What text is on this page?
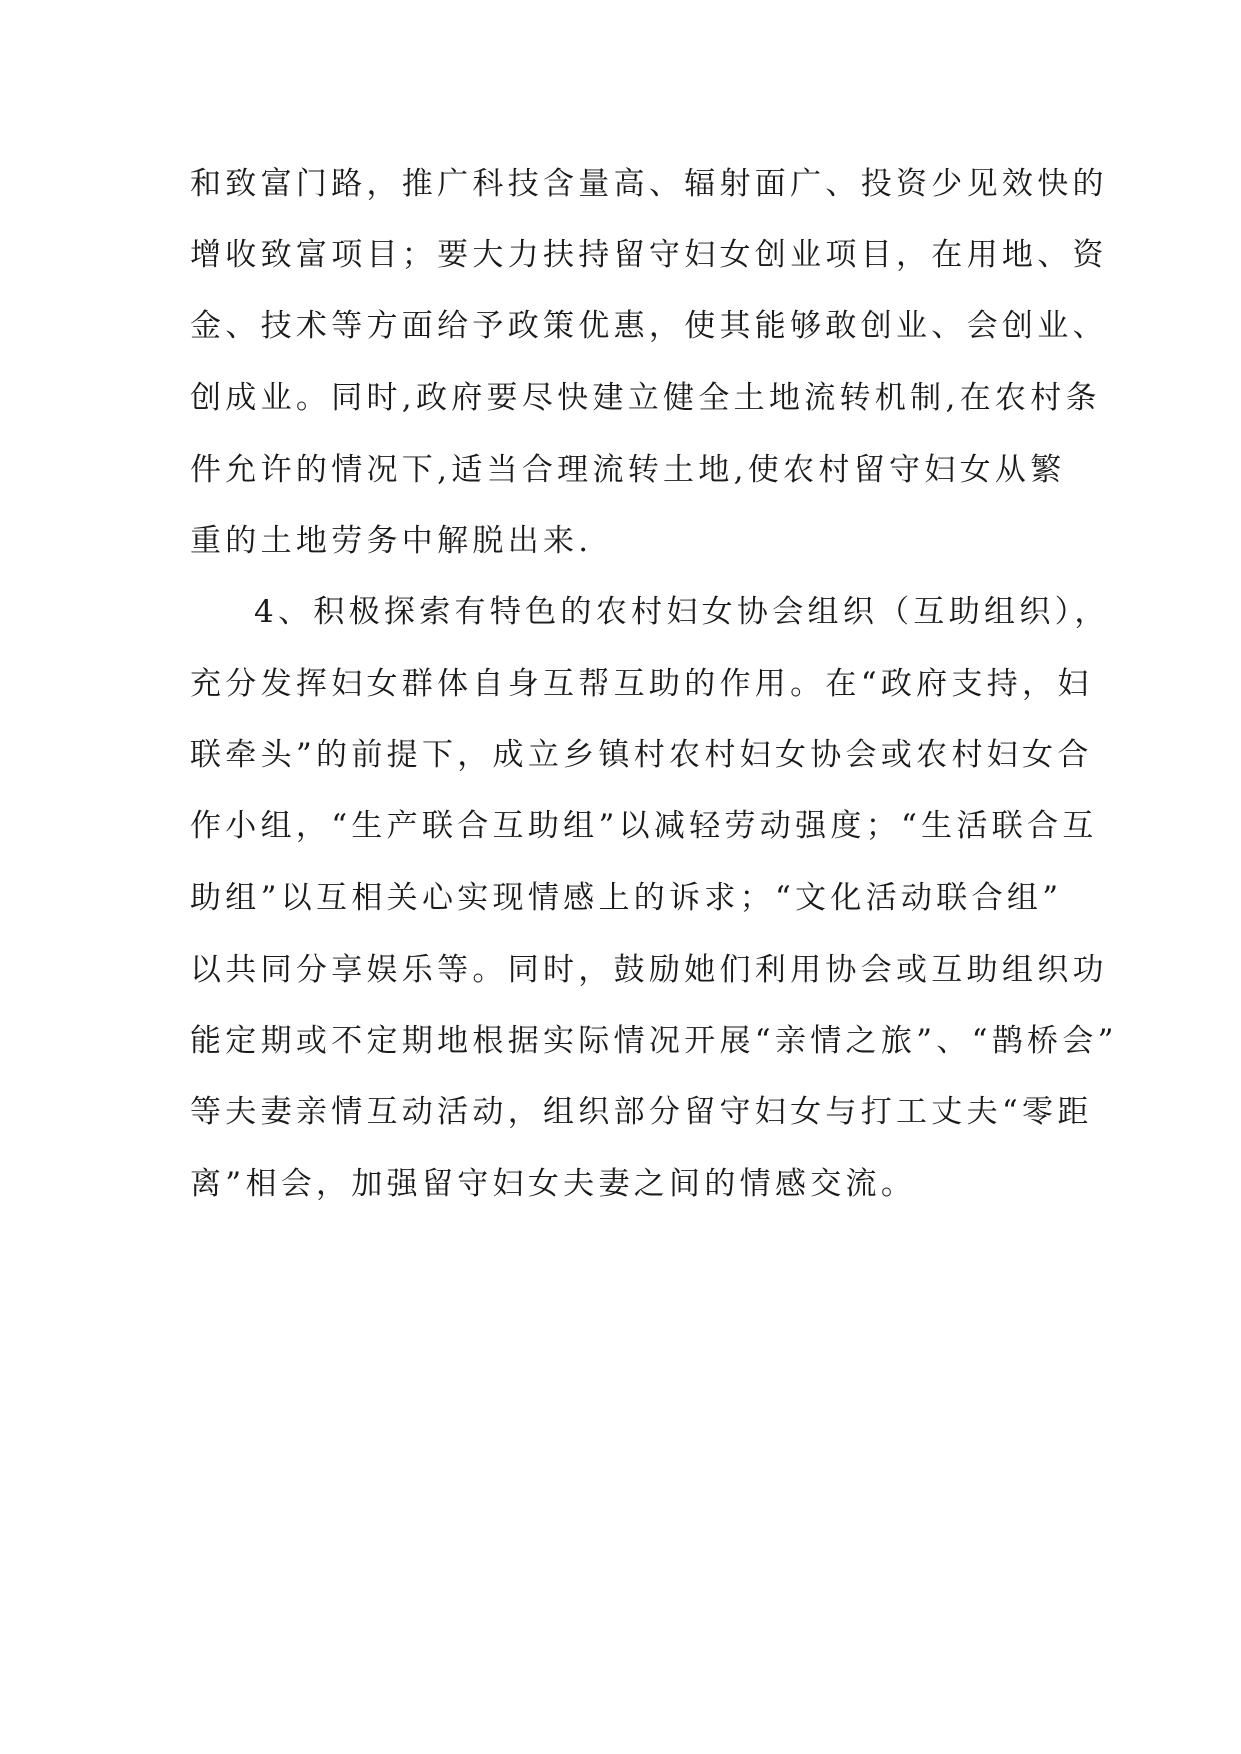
和致富门路，推广科技含量高、辐射面广、投资少见效快的
增收致富项目；要大力扶持留守妇女创业项目，在用地、资
金、技术等方面给予政策优惠，使其能够敢创业、会创业、
创成业。同时,政府要尽快建立健全土地流转机制,在农村条
件允许的情况下,适当合理流转土地,使农村留守妇女从繁
重的土地劳务中解脱出来.
4、积极探索有特色的农村妇女协会组织（互助组织），
充分发挥妇女群体自身互帮互助的作用。在“政府支持，妇
联牵头”的前提下，成立乡镇村农村妇女协会或农村妇女合
作小组，“生产联合互助组”以减轻劳动强度；“生活联合互
助组”以互相关心实现情感上的诉求；“文化活动联合组”
以共同分享娱乐等。同时，鼓励她们利用协会或互助组织功
能定期或不定期地根据实际情况开展“亲情之旅”、“鹊桥会”
等夫妻亲情互动活动，组织部分留守妇女与打工丈夫“零距
离”相会，加强留守妇女夫妻之间的情感交流。
